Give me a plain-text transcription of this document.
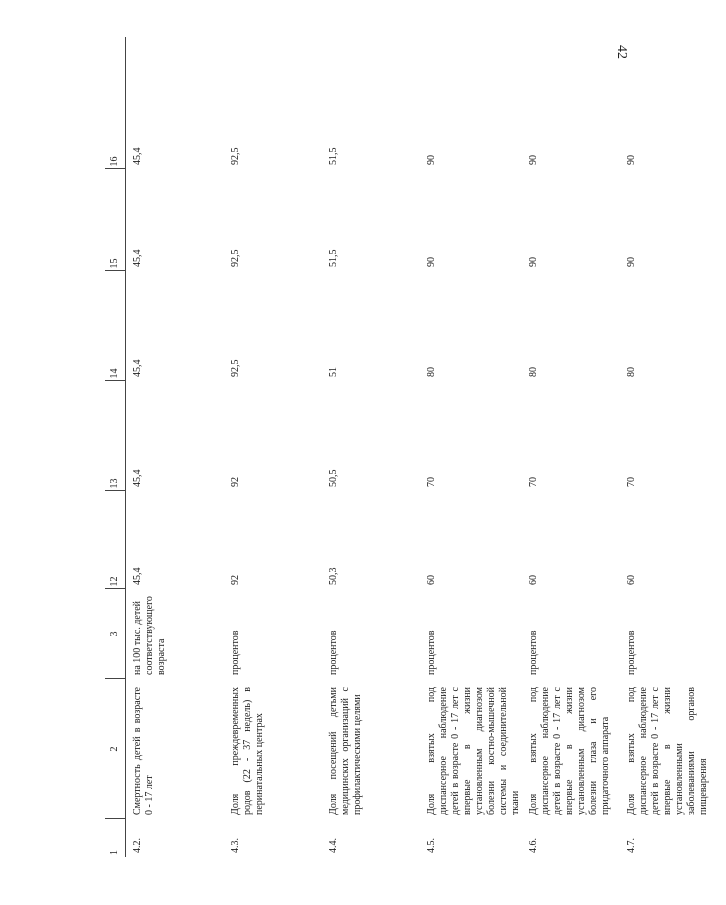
42
1	2	3	12	13	14	15	16
4.2.	Смертность детей в возрасте 0 - 17 лет	на 100 тыс. детей соответствующего возраста	45,4	45,4	45,4	45,4	45,4
4.3.	Доля преждевременных родов (22 - 37 недель) в перинатальных центрах	процентов	92	92	92,5	92,5	92,5
4.4.	Доля посещений детьми медицинских организаций с профилактическими целями	процентов	50,3	50,5	51	51,5	51,5
4.5.	Доля взятых под диспансерное наблюдение детей в возрасте 0 - 17 лет с впервые в жизни установленным диагнозом болезни костно-мышечной системы и соединительной ткани	процентов	60	70	80	90	90
4.6.	Доля взятых под диспансерное наблюдение детей в возрасте 0 - 17 лет с впервые в жизни установленным диагнозом болезни глаза и его придаточного аппарата	процентов	60	70	80	90	90
4.7.	Доля взятых под диспансерное наблюдение детей в возрасте 0 - 17 лет с впервые в жизни установленными заболеваниями органов пищеварения	процентов	60	70	80	90	90
